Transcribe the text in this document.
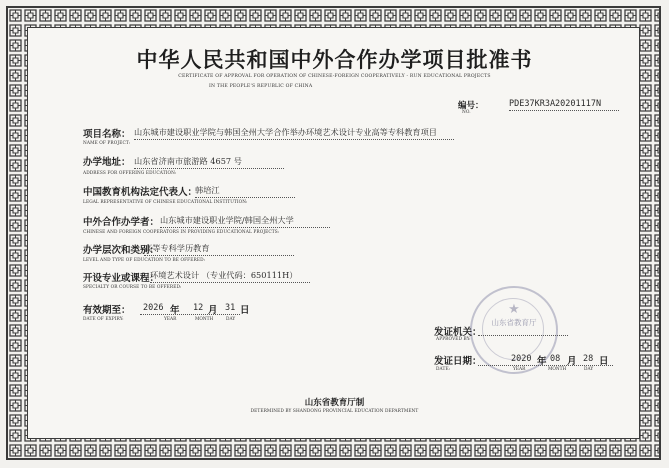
中华人民共和国中外合作办学项目批准书
CERTIFICATE OF APPROVAL FOR OPERATION OF CHINESE-FOREIGN COOPERATIVELY - RUN EDUCATIONAL PROJECTS
IN THE PEOPLE'S REPUBLIC OF CHINA
编号：	PDE37KR3A20201117N
NO.
项目名称： 山东城市建设职业学院与韩国全州大学合作举办环境艺术设计专业高等专科教育项目
NAME OF PROJECT:
办学地址： 山东省济南市旅游路 4657 号
ADDRESS FOR OFFERING EDUCATION:
中国教育机构法定代表人：
韩培江
LEGAL REPRESENTATIVE OF CHINESE EDUCATIONAL INSTITUTION:
中外合作办学者： 山东城市建设职业学院/韩国全州大学
CHINESE AND FOREIGN COOPERATORS IN PROVIDING EDUCATIONAL PROJECTS:
办学层次和类别：
高等专科学历教育
LEVEL AND TYPE OF EDUCATION TO BE OFFERED:
开设专业或课程：
环境艺术设计 （专业代码：650111H）
SPECIALTY OR COURSE TO BE OFFERED:
有效期至： 2026 年 12 月 31 日
DATE OF EXPIRY:	YEAR	MONTH	DAY
★
山东省教育厅
发证机关：
APPROVED BY:
发证日期：	2020 年 08 月 28 日
DATE:	YEAR	MONTH	DAY
山东省教育厅制
DETERMINED BY SHANDONG PROVINCIAL EDUCATION DEPARTMENT
